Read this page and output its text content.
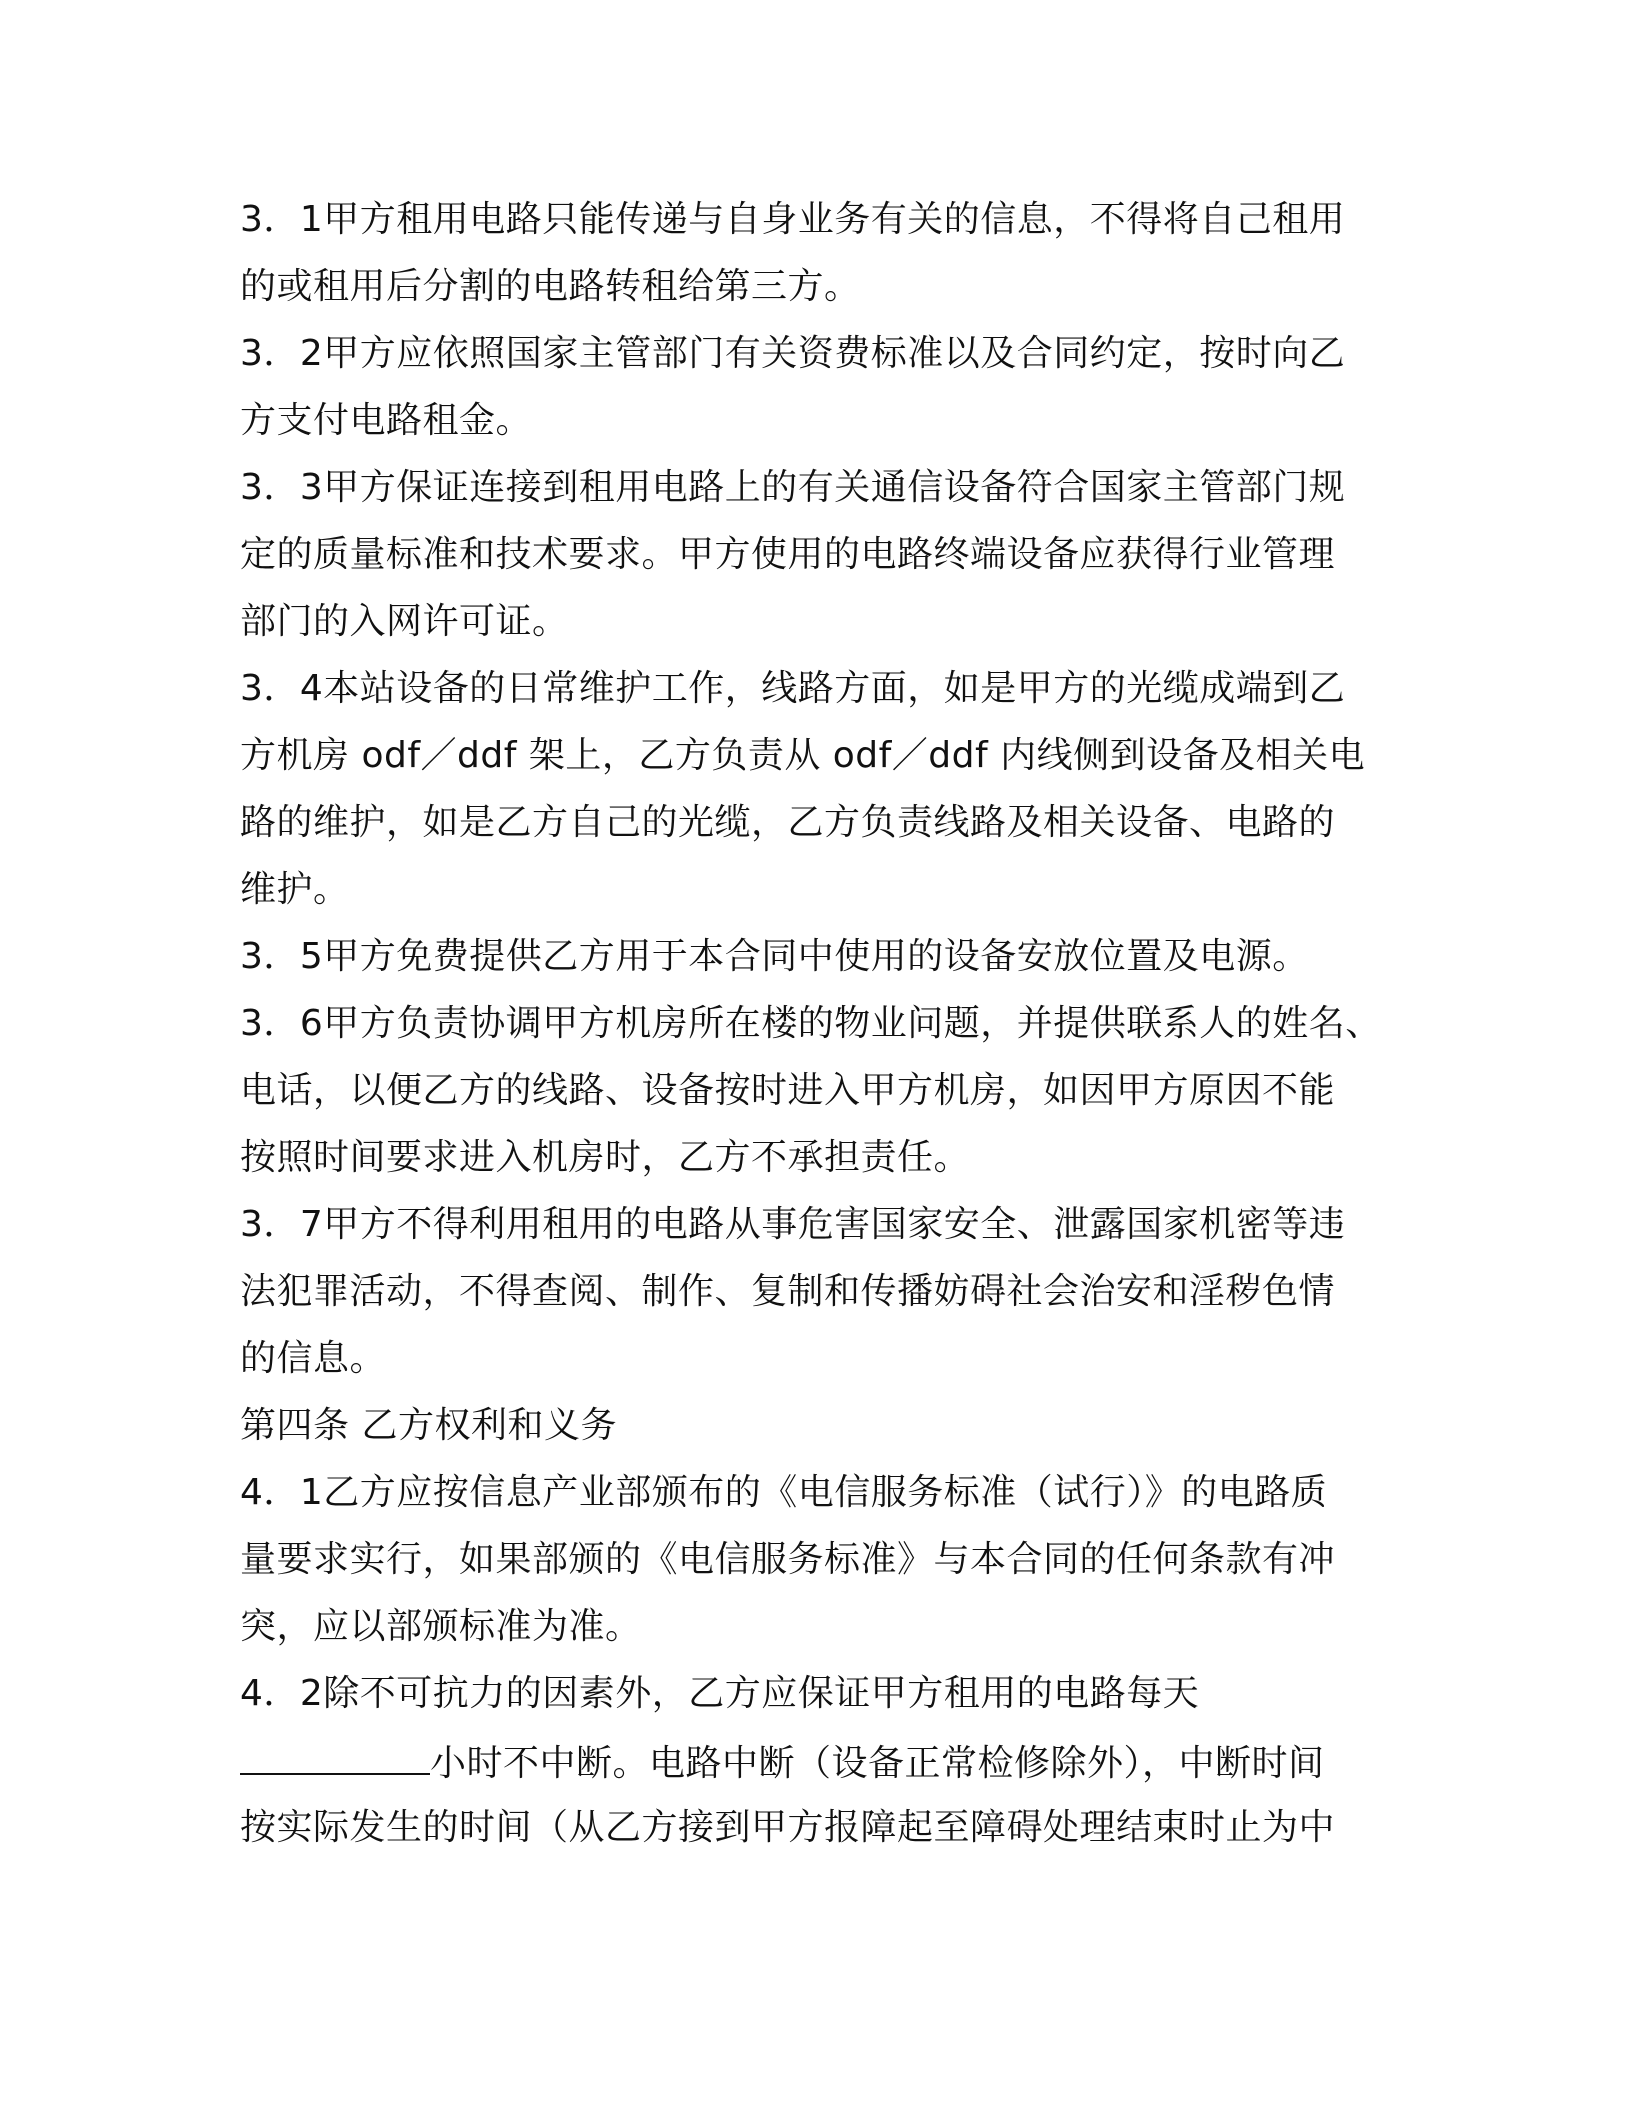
3．1甲方租用电路只能传递与自身业务有关的信息，不得将自己租用
的或租用后分割的电路转租给第三方。
3．2甲方应依照国家主管部门有关资费标准以及合同约定，按时向乙
方支付电路租金。
3．3甲方保证连接到租用电路上的有关通信设备符合国家主管部门规
定的质量标准和技术要求。甲方使用的电路终端设备应获得行业管理
部门的入网许可证。
3．4本站设备的日常维护工作，线路方面，如是甲方的光缆成端到乙
方机房 odf／ddf 架上，乙方负责从 odf／ddf 内线侧到设备及相关电
路的维护，如是乙方自己的光缆，乙方负责线路及相关设备、电路的
维护。
3．5甲方免费提供乙方用于本合同中使用的设备安放位置及电源。
3．6甲方负责协调甲方机房所在楼的物业问题，并提供联系人的姓名、
电话，以便乙方的线路、设备按时进入甲方机房，如因甲方原因不能
按照时间要求进入机房时，乙方不承担责任。
3．7甲方不得利用租用的电路从事危害国家安全、泄露国家机密等违
法犯罪活动，不得查阅、制作、复制和传播妨碍社会治安和淫秽色情
的信息。
第四条 乙方权利和义务
4．1乙方应按信息产业部颁布的《电信服务标准（试行）》的电路质
量要求实行，如果部颁的《电信服务标准》与本合同的任何条款有冲
突，应以部颁标准为准。
4．2除不可抗力的因素外，乙方应保证甲方租用的电路每天
小时不中断。电路中断（设备正常检修除外），中断时间
按实际发生的时间（从乙方接到甲方报障起至障碍处理结束时止为中
